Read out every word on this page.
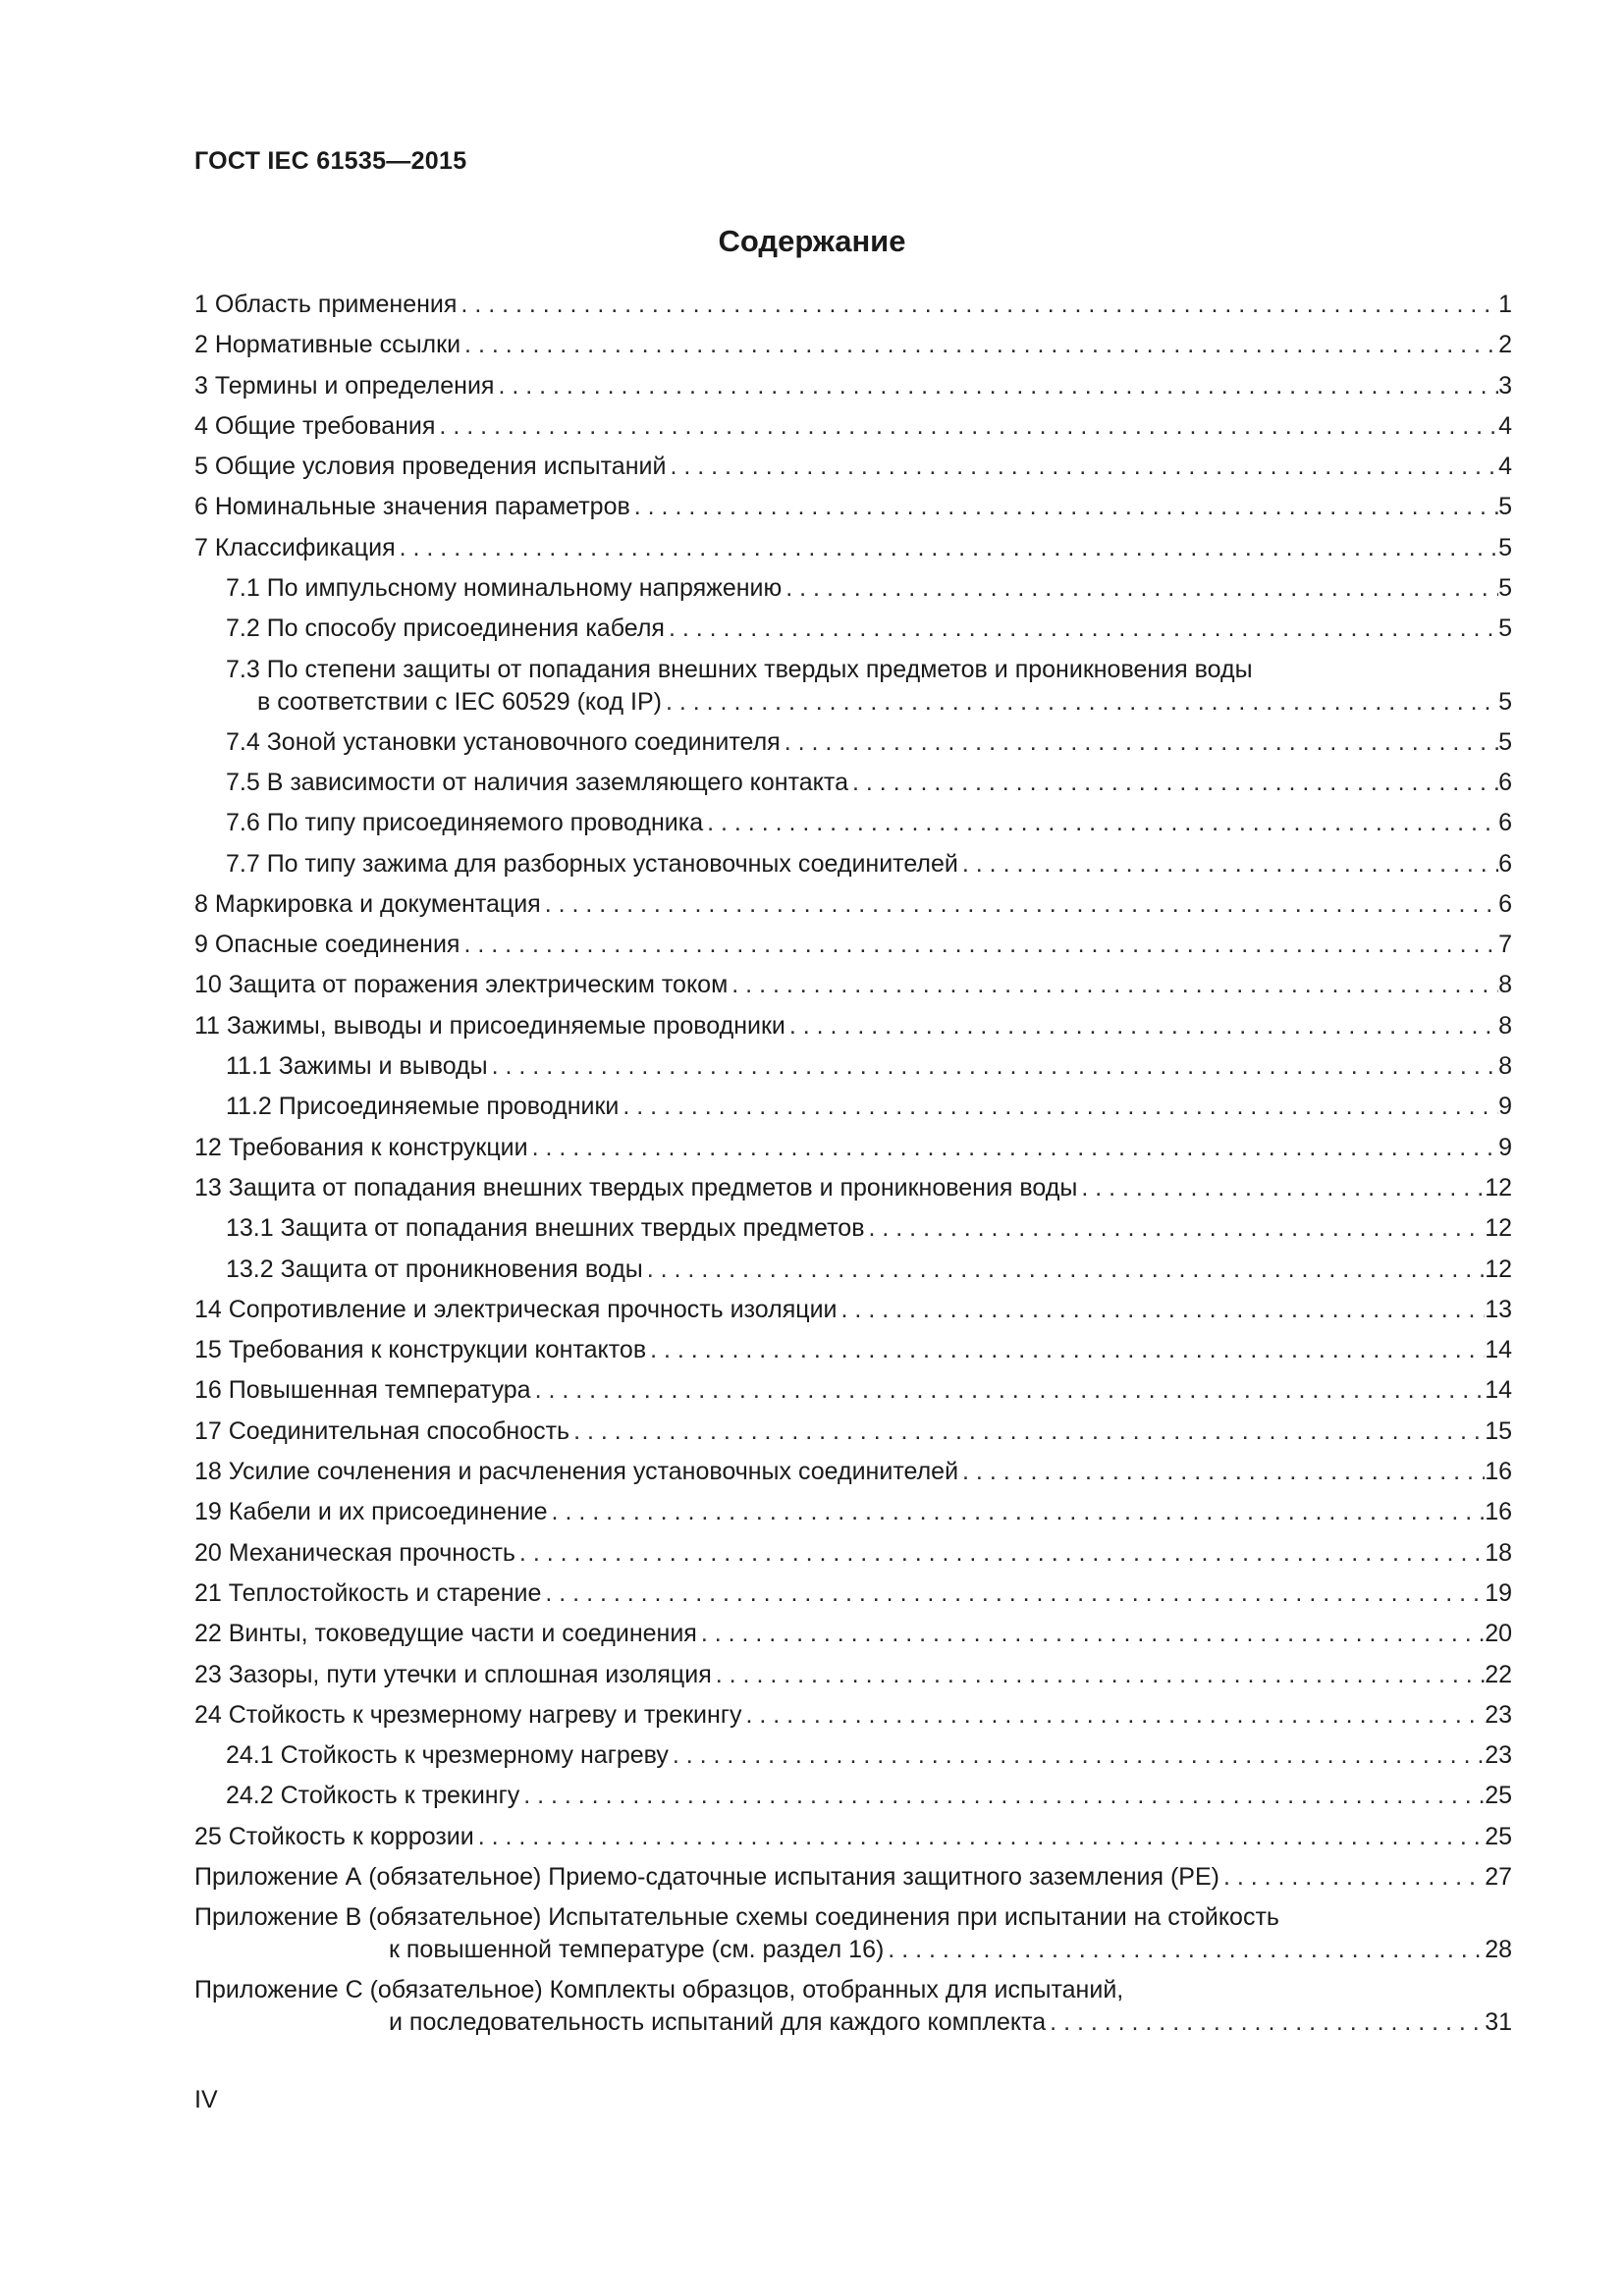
ГОСТ IEC 61535—2015
Содержание
1 Область применения . . .	1
2 Нормативные ссылки . . .	2
3 Термины и определения . . .	3
4 Общие требования . . .	4
5 Общие условия проведения испытаний . . .	4
6 Номинальные значения параметров . . .	5
7 Классификация . . .	5
7.1 По импульсному номинальному напряжению . . .	5
7.2 По способу присоединения кабеля . . .	5
7.3 По степени защиты от попадания внешних твердых предметов и проникновения воды
в соответствии с IEC 60529 (код IP) . . .	5
7.4 Зоной установки установочного соединителя . . .	5
7.5 В зависимости от наличия заземляющего контакта . . .	6
7.6 По типу присоединяемого проводника . . .	6
7.7 По типу зажима для разборных установочных соединителей . . .	6
8 Маркировка и документация . . .	6
9 Опасные соединения . . .	7
10 Защита от поражения электрическим током . . .	8
11 Зажимы, выводы и присоединяемые проводники . . .	8
11.1 Зажимы и выводы . . .	8
11.2 Присоединяемые проводники . . .	9
12 Требования к конструкции . . .	9
13 Защита от попадания внешних твердых предметов и проникновения воды . . .	12
13.1 Защита от попадания внешних твердых предметов . . .	12
13.2 Защита от проникновения воды . . .	12
14 Сопротивление и электрическая прочность изоляции . . .	13
15 Требования к конструкции контактов . . .	14
16 Повышенная температура . . .	14
17 Соединительная способность . . .	15
18 Усилие сочленения и расчленения установочных соединителей . . .	16
19 Кабели и их присоединение . . .	16
20 Механическая прочность . . .	18
21 Теплостойкость и старение . . .	19
22 Винты, токоведущие части и соединения . . .	20
23 Зазоры, пути утечки и сплошная изоляция . . .	22
24 Стойкость к чрезмерному нагреву и трекингу . . .	23
24.1 Стойкость к чрезмерному нагреву . . .	23
24.2 Стойкость к трекингу . . .	25
25 Стойкость к коррозии . . .	25
Приложение А (обязательное) Приемо-сдаточные испытания защитного заземления (PE) . . .	27
Приложение В (обязательное) Испытательные схемы соединения при испытании на стойкость
к повышенной температуре (см. раздел 16) . . .	28
Приложение С (обязательное) Комплекты образцов, отобранных для испытаний,
и последовательность испытаний для каждого комплекта . . .	31
IV
